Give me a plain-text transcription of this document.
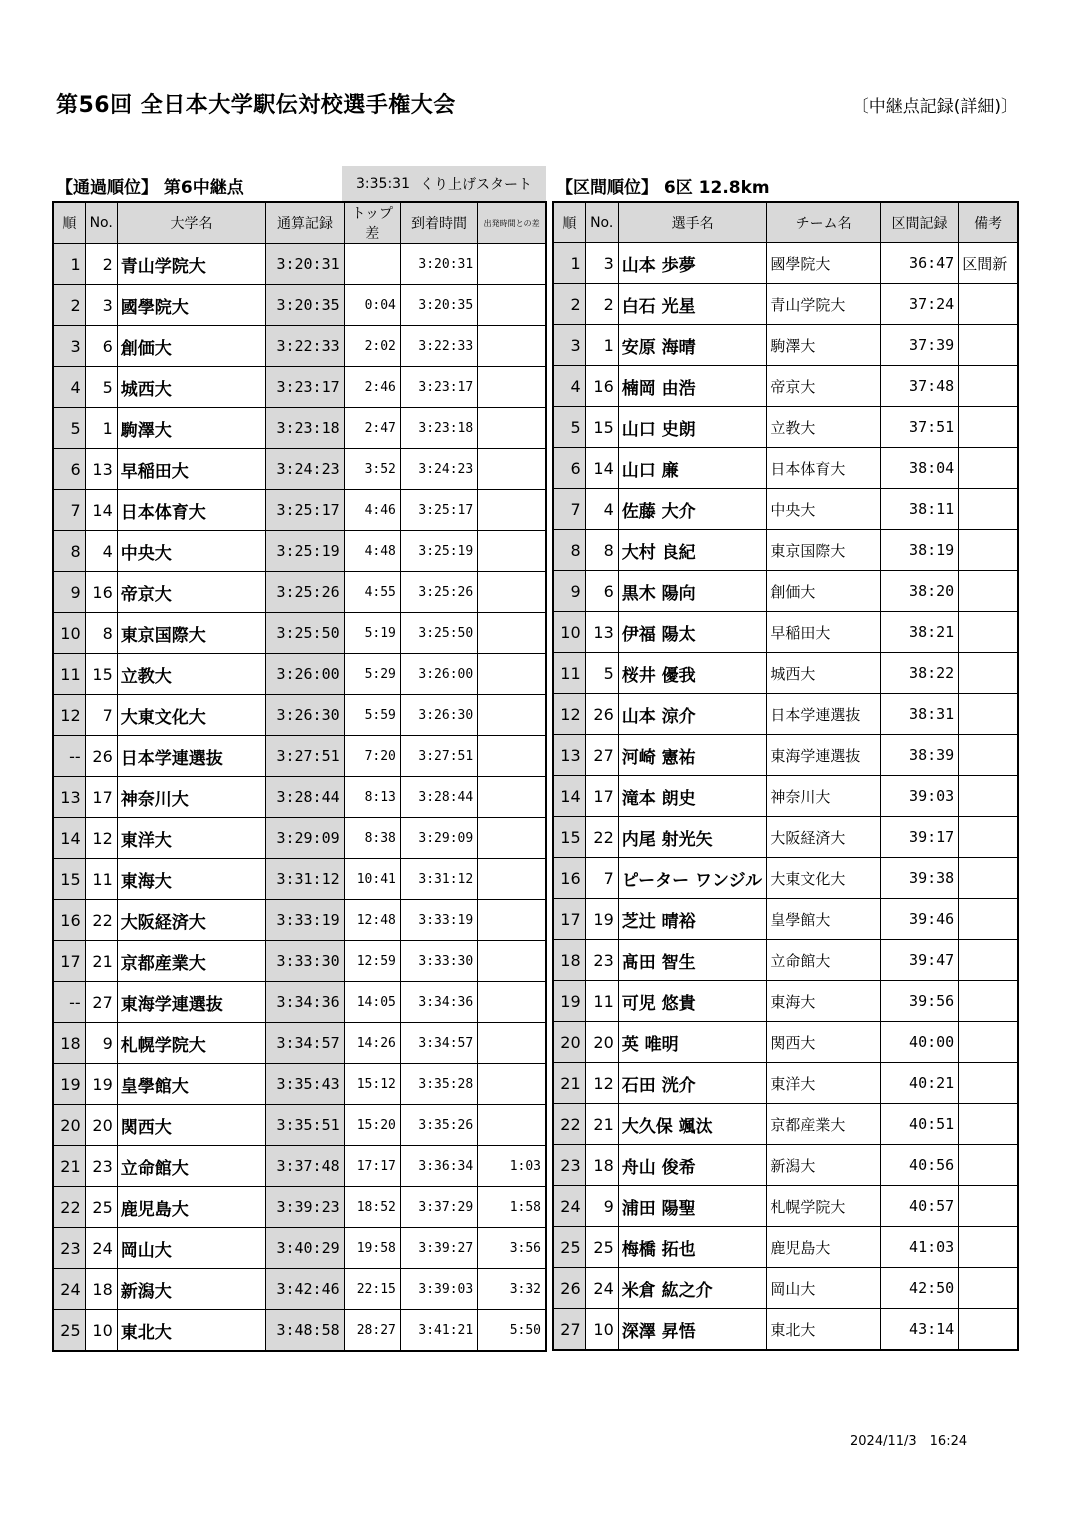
第56回 全日本大学駅伝対校選手権大会	〔中継点記録(詳細)〕
【通過順位】 第6中継点	3:35:31 くり上げスタート 【区間順位】 6区 12.8km
順	No.	大学名	通算記録	トップ差	到着時間	出発時間との差
1	2	青山学院大	3:20:31		3:20:31	
2	3	國學院大	3:20:35	0:04	3:20:35	
3	6	創価大	3:22:33	2:02	3:22:33	
4	5	城西大	3:23:17	2:46	3:23:17	
5	1	駒澤大	3:23:18	2:47	3:23:18	
6	13	早稲田大	3:24:23	3:52	3:24:23	
7	14	日本体育大	3:25:17	4:46	3:25:17	
8	4	中央大	3:25:19	4:48	3:25:19	
9	16	帝京大	3:25:26	4:55	3:25:26	
10	8	東京国際大	3:25:50	5:19	3:25:50	
11	15	立教大	3:26:00	5:29	3:26:00	
12	7	大東文化大	3:26:30	5:59	3:26:30	
--	26	日本学連選抜	3:27:51	7:20	3:27:51	
13	17	神奈川大	3:28:44	8:13	3:28:44	
14	12	東洋大	3:29:09	8:38	3:29:09	
15	11	東海大	3:31:12	10:41	3:31:12	
16	22	大阪経済大	3:33:19	12:48	3:33:19	
17	21	京都産業大	3:33:30	12:59	3:33:30	
--	27	東海学連選抜	3:34:36	14:05	3:34:36	
18	9	札幌学院大	3:34:57	14:26	3:34:57	
19	19	皇學館大	3:35:43	15:12	3:35:28	
20	20	関西大	3:35:51	15:20	3:35:26	
21	23	立命館大	3:37:48	17:17	3:36:34	1:03
22	25	鹿児島大	3:39:23	18:52	3:37:29	1:58
23	24	岡山大	3:40:29	19:58	3:39:27	3:56
24	18	新潟大	3:42:46	22:15	3:39:03	3:32
25	10	東北大	3:48:58	28:27	3:41:21	5:50
順	No.	選手名	チーム名	区間記録	備考
1	3	山本 歩夢	國學院大	36:47	区間新
2	2	白石 光星	青山学院大	37:24	
3	1	安原 海晴	駒澤大	37:39	
4	16	楠岡 由浩	帝京大	37:48	
5	15	山口 史朗	立教大	37:51	
6	14	山口 廉	日本体育大	38:04	
7	4	佐藤 大介	中央大	38:11	
8	8	大村 良紀	東京国際大	38:19	
9	6	黒木 陽向	創価大	38:20	
10	13	伊福 陽太	早稲田大	38:21	
11	5	桜井 優我	城西大	38:22	
12	26	山本 涼介	日本学連選抜	38:31	
13	27	河崎 憲祐	東海学連選抜	38:39	
14	17	滝本 朗史	神奈川大	39:03	
15	22	内尾 射光矢	大阪経済大	39:17	
16	7	ピーター ワンジル	大東文化大	39:38	
17	19	芝辻 晴裕	皇學館大	39:46	
18	23	髙田 智生	立命館大	39:47	
19	11	可児 悠貴	東海大	39:56	
20	20	英 唯明	関西大	40:00	
21	12	石田 洸介	東洋大	40:21	
22	21	大久保 颯汰	京都産業大	40:51	
23	18	舟山 俊希	新潟大	40:56	
24	9	浦田 陽聖	札幌学院大	40:57	
25	25	梅橋 拓也	鹿児島大	41:03	
26	24	米倉 紘之介	岡山大	42:50	
27	10	深澤 昇悟	東北大	43:14	
2024/11/3　16:24
